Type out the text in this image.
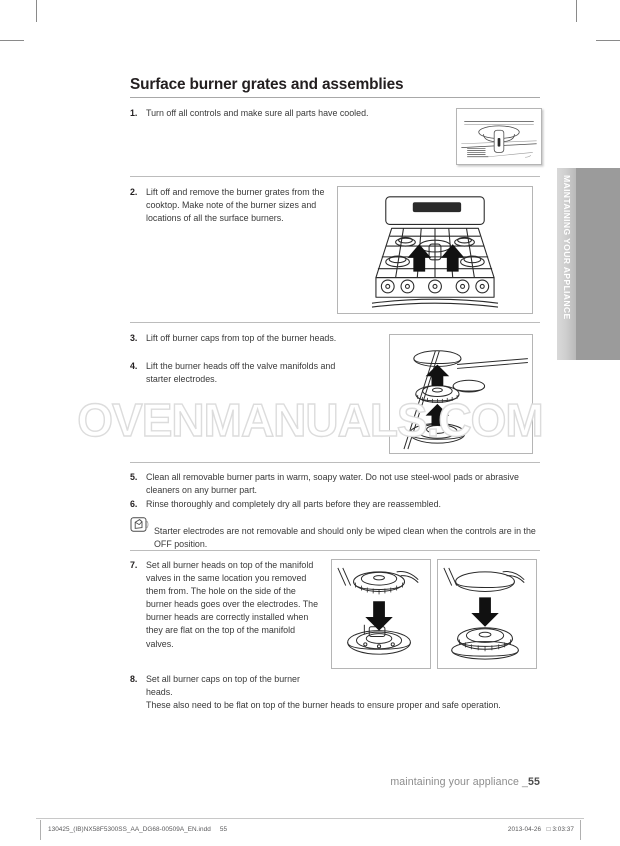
MAINTAINING YOUR APPLIANCE
Surface burner grates and assemblies
1. Turn off all controls and make sure all parts have cooled.

2. Lift off and remove the burner grates from the cooktop. Make note of the burner sizes and locations of all the surface burners.

3. Lift off burner caps from top of the burner heads.

4. Lift the burner heads off the valve manifolds and starter electrodes.

5. Clean all removable burner parts in warm, soapy water. Do not use steel-wool pads or abrasive cleaners on any burner part.

6. Rinse thoroughly and completely dry all parts before they are reassembled.

Starter electrodes are not removable and should only be wiped clean when the controls are in the OFF position.

7. Set all burner heads on top of the manifold valves in the same location you removed them from. The hole on the side of the burner heads goes over the electrodes. The burner heads are correctly installed when they are flat on the top of the manifold valves.

8. Set all burner caps on top of the burner heads.

These also need to be flat on top of the burner heads to ensure proper and safe operation.

OVENMANUALS.COM
maintaining your appliance _55
130425_(IB)NX58F5300SS_AA_DG68-00509A_EN.indd 55	2013-04-26 □ 3:03:37
